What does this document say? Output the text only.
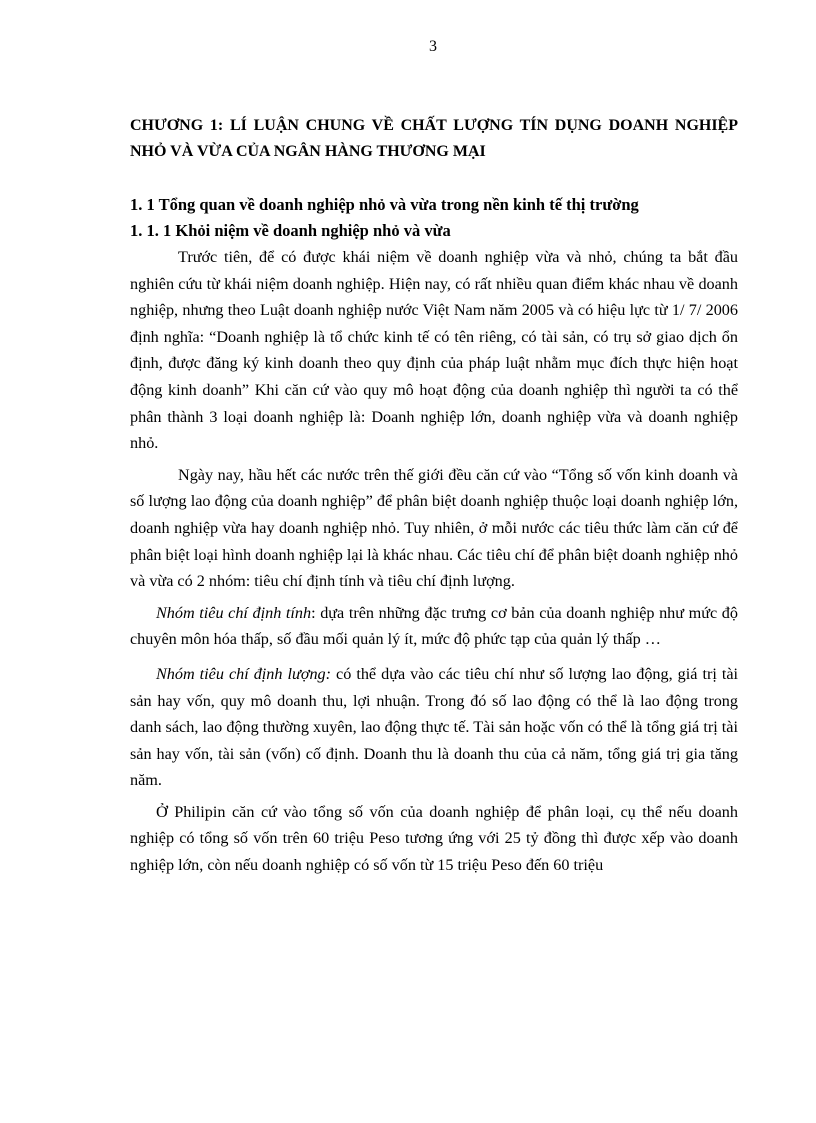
3

CHƯƠNG 1: LÍ LUẬN CHUNG VỀ CHẤT LƯỢNG TÍN DỤNG DOANH NGHIỆP NHỎ VÀ VỪA CỦA NGÂN HÀNG THƯƠNG MẠI

1. 1 Tổng quan về doanh nghiệp nhỏ và vừa trong nền kinh tế thị trường

1. 1. 1 Khỏi niệm về doanh nghiệp nhỏ và vừa

Trước tiên, để có được khái niệm về doanh nghiệp vừa và nhỏ, chúng ta bắt đầu nghiên cứu từ khái niệm doanh nghiệp. Hiện nay, có rất nhiều quan điểm khác nhau về doanh nghiệp, nhưng theo Luật doanh nghiệp nước Việt Nam năm 2005 và có hiệu lực từ 1/ 7/ 2006 định nghĩa: “Doanh nghiệp là tổ chức kinh tế có tên riêng, có tài sản, có trụ sở giao dịch ổn định, được đăng ký kinh doanh theo quy định của pháp luật nhằm mục đích thực hiện hoạt động kinh doanh” Khi căn cứ vào quy mô hoạt động của doanh nghiệp thì người ta có thể phân thành 3 loại doanh nghiệp là: Doanh nghiệp lớn, doanh nghiệp vừa và doanh nghiệp nhỏ.

Ngày nay, hầu hết các nước trên thế giới đều căn cứ vào “Tổng số vốn kinh doanh và số lượng lao động của doanh nghiệp” để phân biệt doanh nghiệp thuộc loại doanh nghiệp lớn, doanh nghiệp vừa hay doanh nghiệp nhỏ. Tuy nhiên, ở mỗi nước các tiêu thức làm căn cứ để phân biệt loại hình doanh nghiệp lại là khác nhau. Các tiêu chí để phân biệt doanh nghiệp nhỏ và vừa có 2 nhóm: tiêu chí định tính và tiêu chí định lượng.

Nhóm tiêu chí định tính: dựa trên những đặc trưng cơ bản của doanh nghiệp như mức độ chuyên môn hóa thấp, số đầu mối quản lý ít, mức độ phức tạp của quản lý thấp …

Nhóm tiêu chí định lượng: có thể dựa vào các tiêu chí như số lượng lao động, giá trị tài sản hay vốn, quy mô doanh thu, lợi nhuận. Trong đó số lao động có thể là lao động trong danh sách, lao động thường xuyên, lao động thực tế. Tài sản hoặc vốn có thể là tổng giá trị tài sản hay vốn, tài sản (vốn) cố định. Doanh thu là doanh thu của cả năm, tổng giá trị gia tăng năm.

Ở Philipin căn cứ vào tổng số vốn của doanh nghiệp để phân loại, cụ thể nếu doanh nghiệp có tổng số vốn trên 60 triệu Peso tương ứng với 25 tỷ đồng thì được xếp vào doanh nghiệp lớn, còn nếu doanh nghiệp có số vốn từ 15 triệu Peso đến 60 triệu
